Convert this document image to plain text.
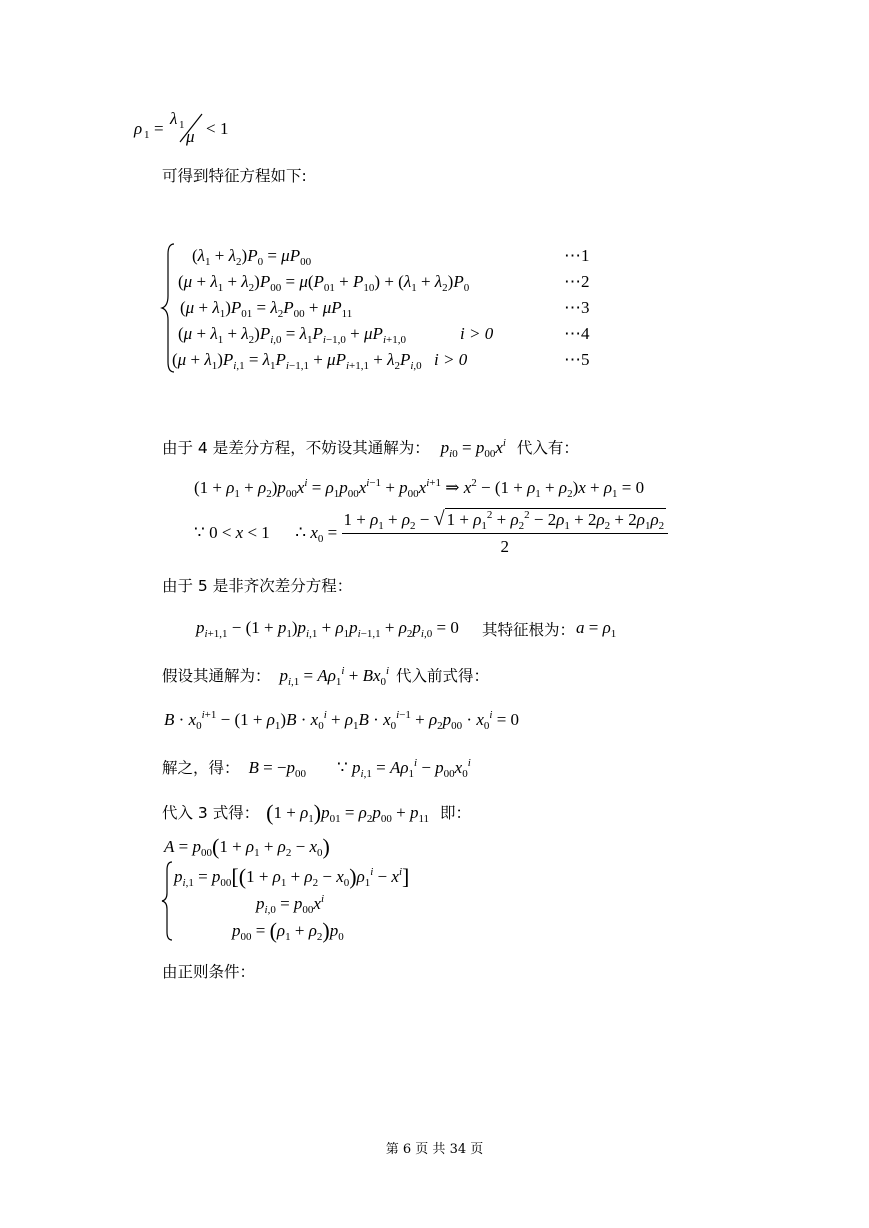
ρ 1 =
λ 1
μ < 1
可得到特征方程如下:
$(\lambda_1 + \lambda_2)P_0 = \mu P_{00}$
$(\mu + \lambda_1 + \lambda_2)P_{00} = \mu(P_{01} + P_{10}) + (\lambda_1 + \lambda_2)P_0$
$(\mu + \lambda_1)P_{01} = \lambda_2P_{00} + \mu P_{11}$
$(\mu + \lambda_1 + \lambda_2)P_{i,0} = \lambda_1P_{i-1,0} + \mu P_{i+1,0}$	i > 0
$(\mu + \lambda_1)P_{i,1} = \lambda_1P_{i-1,1} + \mu P_{i+1,1} + \lambda_2P_{i,0}$ i > 0
⋯1
⋯2
⋯3
⋯4
⋯5
由于 4 是差分方程，不妨设其通解为： $p_{i0} = p_{00}x^i$ 代入有：
$(1 + \rho_1 + \rho_2)p_{00}x^i = \rho_1p_{00}x^{i-1} + p_{00}x^{i+1}$ ⇒ $x^2 - (1 + \rho_1 + \rho_2)x + \rho_1 = 0$
∵ 0 < x < 1      ∴ $x_0 = \frac{1 + \rho_1 + \rho_2 - √ 1 + \rho_1^2 + \rho_2^2 - 2\rho_1 + 2\rho_2 + 2\rho_1\rho_2}{2}$
由于 5 是非齐次差分方程：
$p_{i+1,1} - (1 + p_1)p_{i,1} + \rho_1p_{i-1,1} + \rho_2p_{i,0} = 0$ 其特征根为： $a = \rho_1$
假设其通解为： $p_{i,1} = A\rho_1^i + Bx_0^i$ 代入前式得：
$B \cdot x_0^{i+1} - (1 + \rho_1)B \cdot x_0^i + \rho_1B \cdot x_0^{i-1} + \rho_2p_{00} \cdot x_0^i = 0$
解之，得： $B = -p_{00}$ ∵ $p_{i,1} = A\rho_1^i - p_{00}x_0^i$
代入 3 式得： $(1 + \rho_1)p_{01} = \rho_2p_{00} + p_{11}$ 即：
$A = p_{00}(1 + \rho_1 + \rho_2 - x_0)$
$p_{i,1} = p_{00}[(1 + \rho_1 + \rho_2 - x_0)\rho_1^i - x^i]$
$p_{i,0} = p_{00}x^i$
$p_{00} = (\rho_1 + \rho_2)p_0$
由正则条件：
第 6 页 共 34 页
